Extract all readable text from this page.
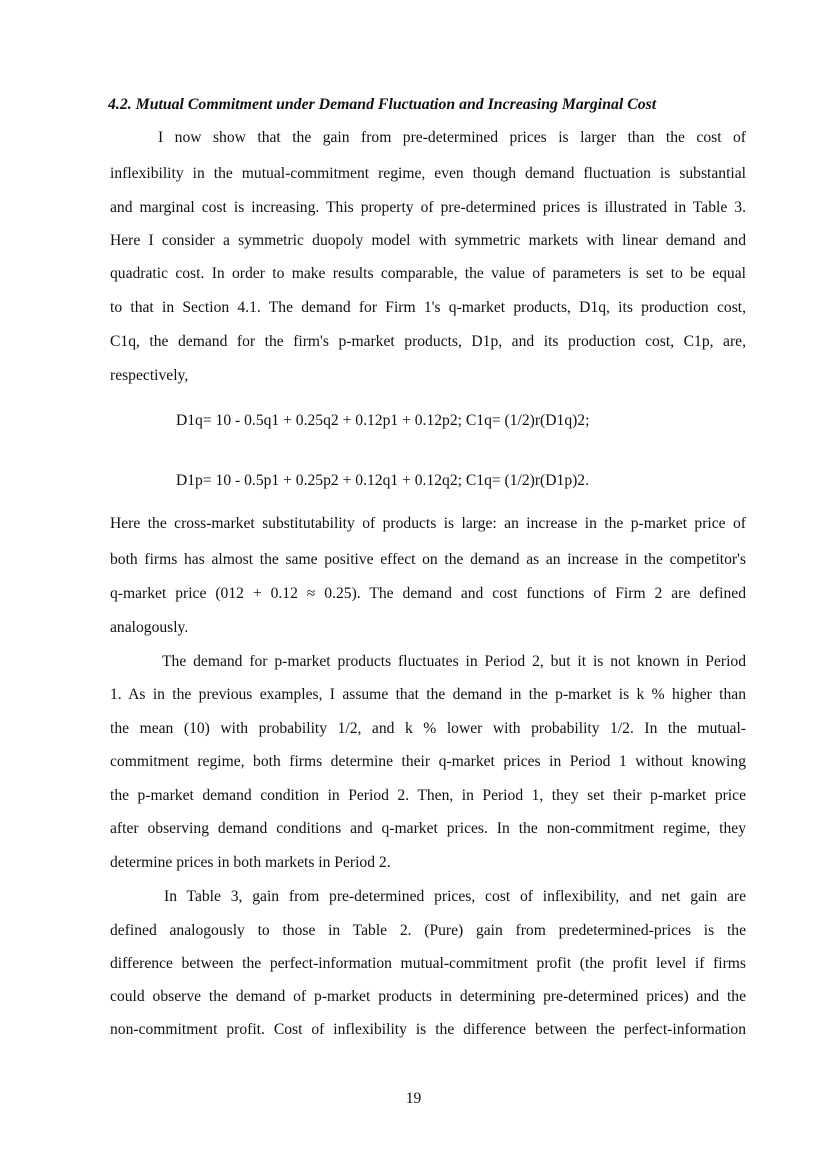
4.2. Mutual Commitment under Demand Fluctuation and Increasing Marginal Cost
I now show that the gain from pre-determined prices is larger than the cost of
inflexibility in the mutual-commitment regime, even though demand fluctuation is substantial
and marginal cost is increasing. This property of pre-determined prices is illustrated in Table 3.
Here I consider a symmetric duopoly model with symmetric markets with linear demand and
quadratic cost. In order to make results comparable, the value of parameters is set to be equal
to that in Section 4.1. The demand for Firm 1's q-market products, D1q, its production cost,
C1q, the demand for the firm's p-market products, D1p, and its production cost, C1p, are,
respectively,
D1q= 10 - 0.5q1 + 0.25q2 + 0.12p1 + 0.12p2; C1q= (1/2)r(D1q)2;
D1p= 10 - 0.5p1 + 0.25p2 + 0.12q1 + 0.12q2; C1q= (1/2)r(D1p)2.
Here the cross-market substitutability of products is large: an increase in the p-market price of
both firms has almost the same positive effect on the demand as an increase in the competitor's
q-market price (012 + 0.12 ≈ 0.25). The demand and cost functions of Firm 2 are defined
analogously.
The demand for p-market products fluctuates in Period 2, but it is not known in Period
1. As in the previous examples, I assume that the demand in the p-market is k % higher than
the mean (10) with probability 1/2, and k % lower with probability 1/2. In the mutual-
commitment regime, both firms determine their q-market prices in Period 1 without knowing
the p-market demand condition in Period 2. Then, in Period 1, they set their p-market price
after observing demand conditions and q-market prices. In the non-commitment regime, they
determine prices in both markets in Period 2.
In Table 3, gain from pre-determined prices, cost of inflexibility, and net gain are
defined analogously to those in Table 2. (Pure) gain from predetermined-prices is the
difference between the perfect-information mutual-commitment profit (the profit level if firms
could observe the demand of p-market products in determining pre-determined prices) and the
non-commitment profit. Cost of inflexibility is the difference between the perfect-information
19
